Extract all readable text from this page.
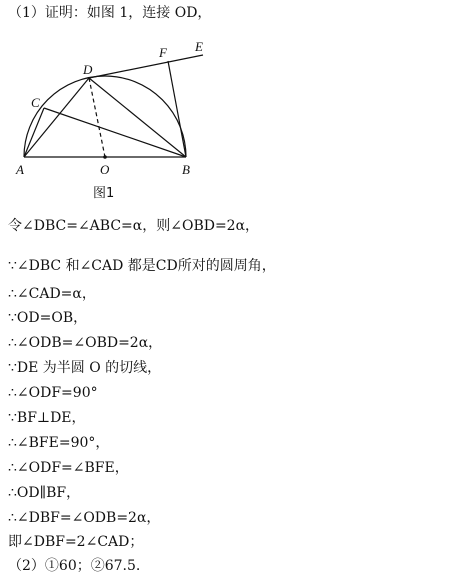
（1）证明：如图 1，连接 OD，
A	B
C
D
E
F
O
图1
令∠DBC=∠ABC=α，则∠OBD=2α，
∵∠DBC 和∠CAD 都是CD所对的圆周角，
∴∠CAD=α，
∵OD=OB，
∴∠ODB=∠OBD=2α，
∵DE 为半圆 O 的切线，
∴∠ODF=90°
∵BF⊥DE，
∴∠BFE=90°，
∴∠ODF=∠BFE，
∴OD∥BF，
∴∠DBF=∠ODB=2α，
即∠DBF=2∠CAD；
（2）①60；②67.5.
